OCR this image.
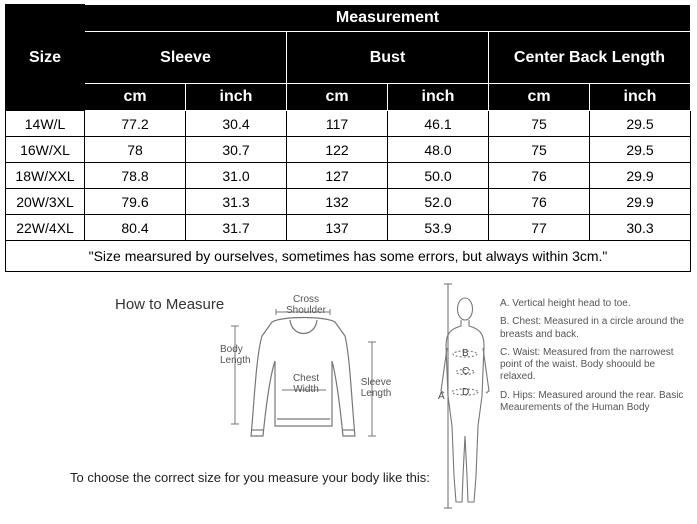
Size	Measurement					
	Sleeve		Bust		Center Back Length	
	cm	inch	cm	inch	cm	inch
14W/L	77.2	30.4	117	46.1	75	29.5
16W/XL	78	30.7	122	48.0	75	29.5
18W/XXL	78.8	31.0	127	50.0	76	29.9
20W/3XL	79.6	31.3	132	52.0	76	29.9
22W/4XL	80.4	31.7	137	53.9	77	30.3
"Size mearsured by ourselves, sometimes has some errors, but always within 3cm."						
A
B
C
D
How to Measure	Cross Shoulder
Body Length
Chest Width
Sleeve Length
A. Vertical height head to toe.
B. Chest: Measured in a circle around the breasts and back.
C. Waist: Measured from the narrowest point of the waist. Body shoould be relaxed.
D. Hips: Measured around the rear. Basic Meaurements of the Human Body
To choose the correct size for you measure your body like this:
